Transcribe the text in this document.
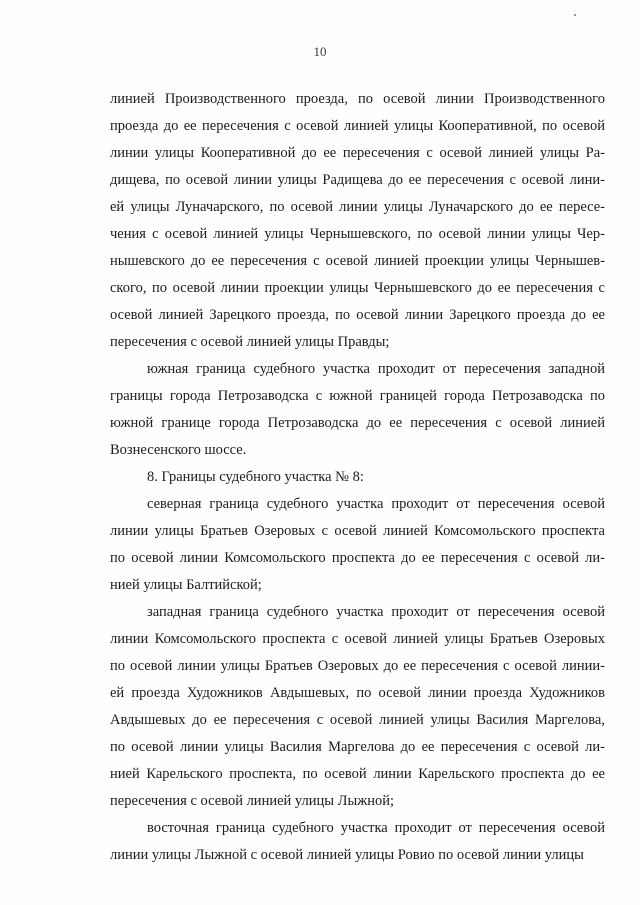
10
линией Производственного проезда, по осевой линии Производственного
проезда до ее пересечения с осевой линией улицы Кооперативной, по осевой
линии улицы Кооперативной до ее пересечения с осевой линией улицы Ра-
дищева, по осевой линии улицы Радищева до ее пересечения с осевой лини-
ей улицы Луначарского, по осевой линии улицы Луначарского до ее пересе-
чения с осевой линией улицы Чернышевского, по осевой линии улицы Чер-
нышевского до ее пересечения с осевой линией проекции улицы Чернышев-
ского, по осевой линии проекции улицы Чернышевского до ее пересечения с
осевой линией Зарецкого проезда, по осевой линии Зарецкого проезда до ее
пересечения с осевой линией улицы Правды;
южная граница судебного участка проходит от пересечения западной
границы города Петрозаводска с южной границей города Петрозаводска по
южной границе города Петрозаводска до ее пересечения с осевой линией
Вознесенского шоссе.
8. Границы судебного участка № 8:
северная граница судебного участка проходит от пересечения осевой
линии улицы Братьев Озеровых с осевой линией Комсомольского проспекта
по осевой линии Комсомольского проспекта до ее пересечения с осевой ли-
нией улицы Балтийской;
западная граница судебного участка проходит от пересечения осевой
линии Комсомольского проспекта с осевой линией улицы Братьев Озеровых
по осевой линии улицы Братьев Озеровых до ее пересечения с осевой линии-
ей проезда Художников Авдышевых, по осевой линии проезда Художников
Авдышевых до ее пересечения с осевой линией улицы Василия Маргелова,
по осевой линии улицы Василия Маргелова до ее пересечения с осевой ли-
нией Карельского проспекта, по осевой линии Карельского проспекта до ее
пересечения с осевой линией улицы Лыжной;
восточная граница судебного участка проходит от пересечения осевой
линии улицы Лыжной с осевой линией улицы Ровио по осевой линии улицы
